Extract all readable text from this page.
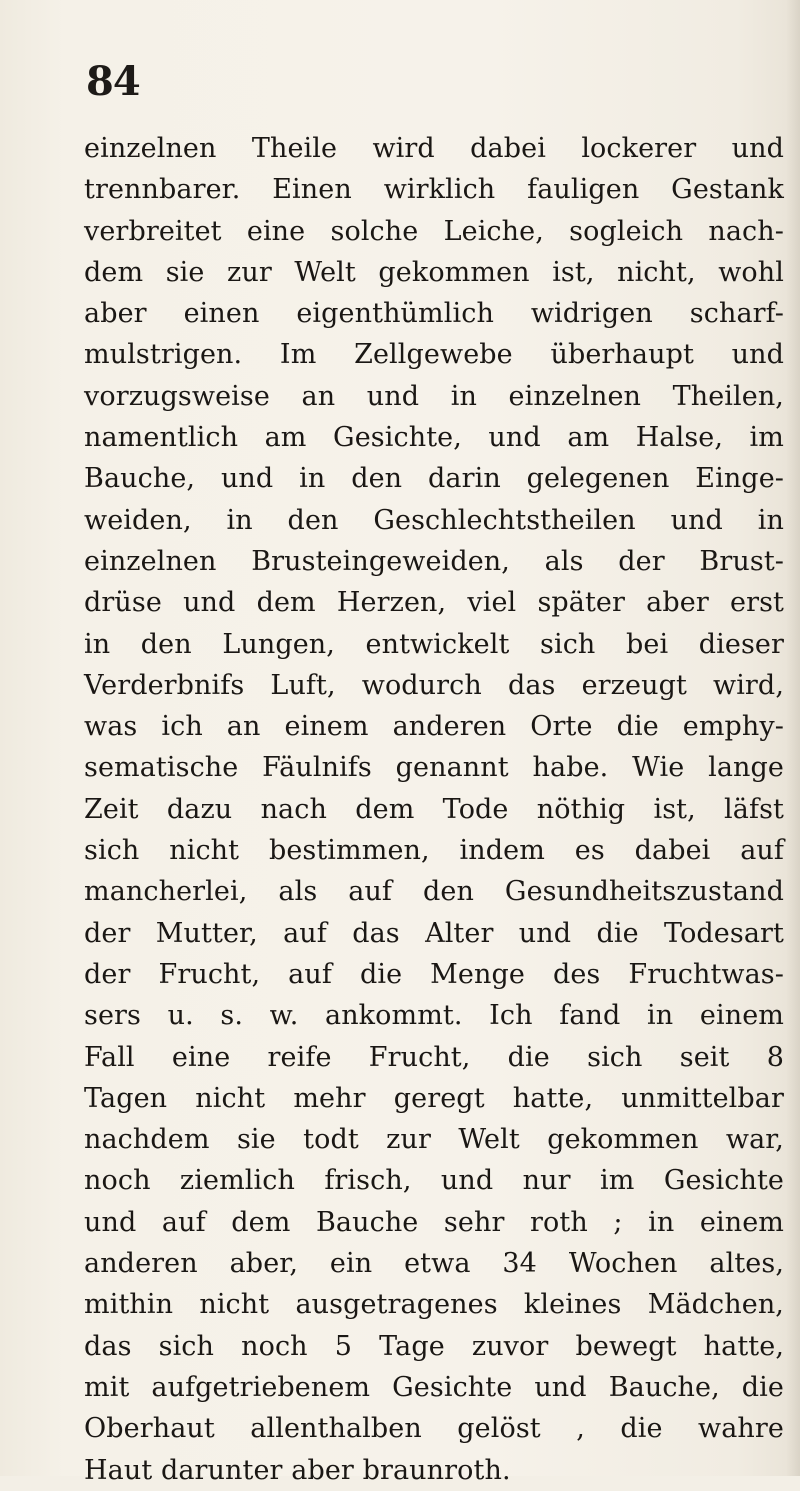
84
einzelnen Theile wird dabei lockerer und
trennbarer. Einen wirklich fauligen Gestank
verbreitet eine solche Leiche, sogleich nach-
dem sie zur Welt gekommen ist, nicht, wohl
aber einen eigenthümlich widrigen scharf-
mulstrigen. Im Zellgewebe überhaupt und
vorzugsweise an und in einzelnen Theilen,
namentlich am Gesichte, und am Halse, im
Bauche, und in den darin gelegenen Einge-
weiden, in den Geschlechtstheilen und in
einzelnen Brusteingeweiden, als der Brust-
drüse und dem Herzen, viel später aber erst
in den Lungen, entwickelt sich bei dieser
Verderbnifs Luft, wodurch das erzeugt wird,
was ich an einem anderen Orte die emphy-
sematische Fäulnifs genannt habe. Wie lange
Zeit dazu nach dem Tode nöthig ist, läfst
sich nicht bestimmen, indem es dabei auf
mancherlei, als auf den Gesundheitszustand
der Mutter, auf das Alter und die Todesart
der Frucht, auf die Menge des Fruchtwas-
sers u. s. w. ankommt. Ich fand in einem
Fall eine reife Frucht, die sich seit 8
Tagen nicht mehr geregt hatte, unmittelbar
nachdem sie todt zur Welt gekommen war,
noch ziemlich frisch, und nur im Gesichte
und auf dem Bauche sehr roth ; in einem
anderen aber, ein etwa 34 Wochen altes,
mithin nicht ausgetragenes kleines Mädchen,
das sich noch 5 Tage zuvor bewegt hatte,
mit aufgetriebenem Gesichte und Bauche, die
Oberhaut allenthalben gelöst , die wahre
Haut darunter aber braunroth.
